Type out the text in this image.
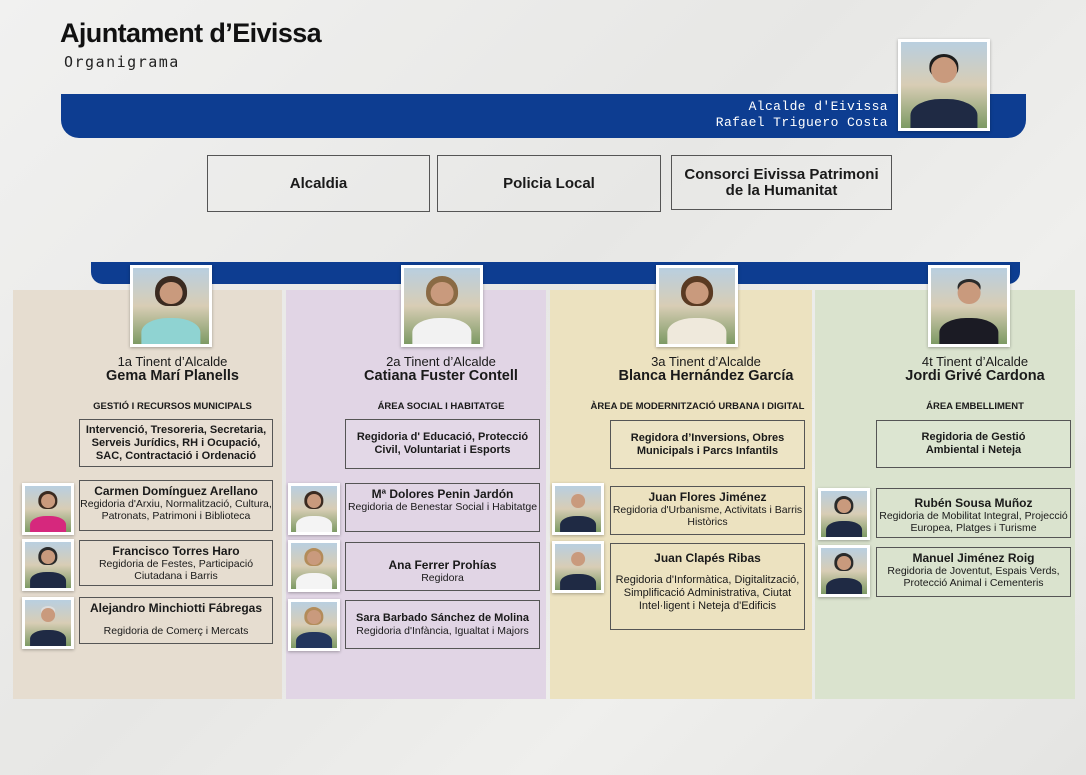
Ajuntament d’Eivissa
Organigrama
Alcalde d'Eivissa
Rafael Triguero Costa
Alcaldia	Policia Local
Consorci Eivissa Patrimoni de la Humanitat
1a Tinent d’Alcalde
Gema Marí Planells
GESTIÓ I RECURSOS MUNICIPALS
Intervenció, Tresoreria, Secretaria, Serveis Jurídics, RH i Ocupació, SAC, Contractació i Ordenació
Carmen Domínguez Arellano
Regidoria d'Arxiu, Normalització, Cultura, Patronats, Patrimoni i Biblioteca
Francisco Torres Haro
Regidoria de Festes, Participació Ciutadana i Barris
Alejandro Minchiotti Fábregas
Regidoria de Comerç i Mercats
2a Tinent d’Alcalde
Catiana Fuster Contell
ÁREA SOCIAL I HABITATGE
Regidoria d' Educació, Protecció Civil, Voluntariat i Esports
Mª Dolores Penin Jardón
Regidoria de Benestar Social i Habitatge
Ana Ferrer Prohías
Regidora
Sara Barbado Sánchez de Molina
Regidoria d'Infància, Igualtat i Majors
3a Tinent d’Alcalde
Blanca Hernández García
ÀREA DE MODERNITZACIÓ URBANA I DIGITAL
Regidora d’Inversions, Obres Municipals i Parcs Infantils
Juan Flores Jiménez
Regidoria d'Urbanisme, Activitats i Barris Històrics
Juan Clapés Ribas
Regidoria d'Informàtica, Digitalització, Simplificació Administrativa, Ciutat Intel·ligent i Neteja d'Edificis
4t Tinent d’Alcalde
Jordi Grivé Cardona
ÁREA EMBELLIMENT
Regidoria de Gestió Ambiental i Neteja
Rubén Sousa Muñoz
Regidoria de Mobilitat Integral, Projecció Europea, Platges i Turisme
Manuel Jiménez Roig
Regidoria de Joventut, Espais Verds, Protecció Animal i Cementeris
